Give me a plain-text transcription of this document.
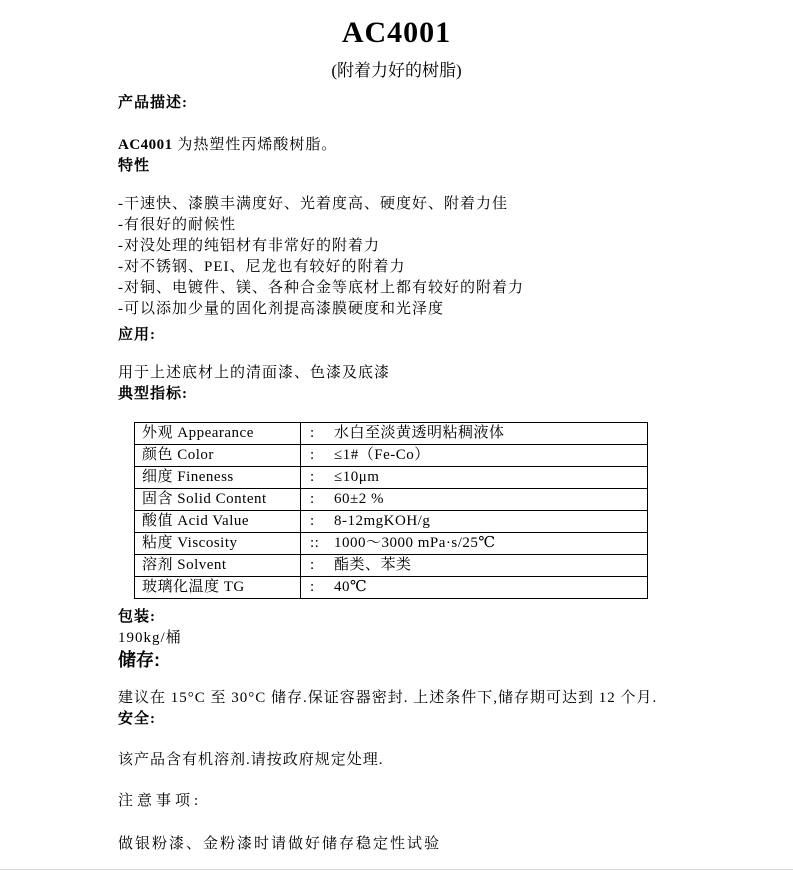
AC4001
(附着力好的树脂)
产品描述:
AC4001 为热塑性丙烯酸树脂。
特性
-干速快、漆膜丰满度好、光着度高、硬度好、附着力佳
-有很好的耐候性
-对没处理的纯铝材有非常好的附着力
-对不锈钢、PEI、尼龙也有较好的附着力
-对铜、电镀件、镁、各种合金等底材上都有较好的附着力
-可以添加少量的固化剂提高漆膜硬度和光泽度
应用:
用于上述底材上的清面漆、色漆及底漆
典型指标:
外观 Appearance	: 水白至淡黄透明粘稠液体
颜色 Color	: ≤1#（Fe-Co）
细度 Fineness	: ≤10μm
固含 Solid Content	: 60±2 %
酸值 Acid Value	: 8-12mgKOH/g
粘度 Viscosity	:: 1000～3000 mPa·s/25℃
溶剂 Solvent	: 酯类、苯类
玻璃化温度 TG	: 40℃
包装:
190kg/桶
储存:
建议在 15°C 至 30°C 储存.保证容器密封. 上述条件下,储存期可达到 12 个月.
安全:
该产品含有机溶剂.请按政府规定处理.
注意事项:
做银粉漆、金粉漆时请做好储存稳定性试验
